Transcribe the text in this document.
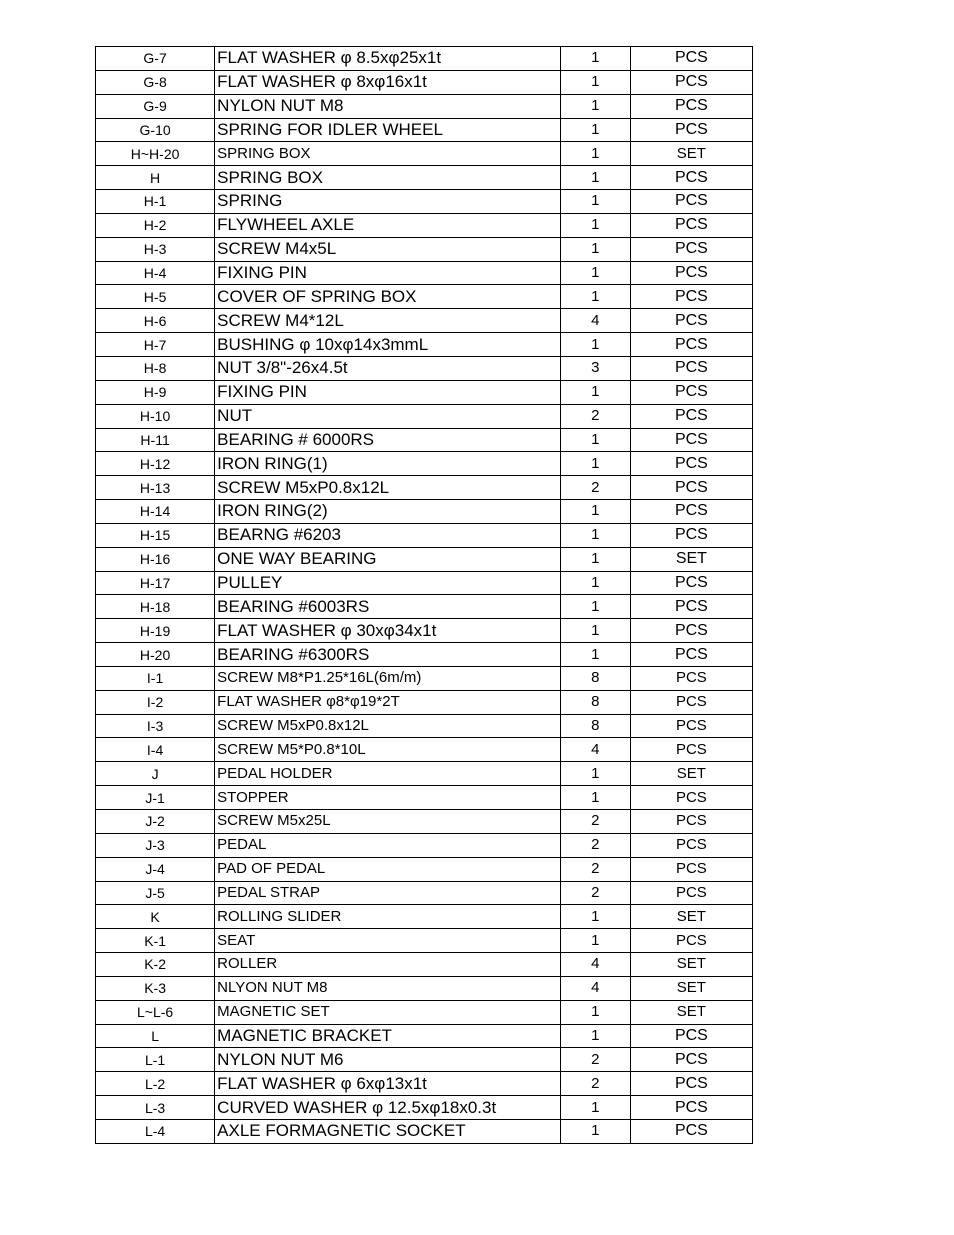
G-7	FLAT WASHER φ 8.5xφ25x1t	1	PCS
G-8	FLAT WASHER φ 8xφ16x1t	1	PCS
G-9	NYLON NUT M8	1	PCS
G-10	SPRING FOR IDLER WHEEL	1	PCS
H~H-20	SPRING BOX	1	SET
H	SPRING BOX	1	PCS
H-1	SPRING	1	PCS
H-2	FLYWHEEL AXLE	1	PCS
H-3	SCREW M4x5L	1	PCS
H-4	FIXING PIN	1	PCS
H-5	COVER OF SPRING BOX	1	PCS
H-6	SCREW M4*12L	4	PCS
H-7	BUSHING φ 10xφ14x3mmL	1	PCS
H-8	NUT 3/8"-26x4.5t	3	PCS
H-9	FIXING PIN	1	PCS
H-10	NUT	2	PCS
H-11	BEARING # 6000RS	1	PCS
H-12	IRON RING(1)	1	PCS
H-13	SCREW M5xP0.8x12L	2	PCS
H-14	IRON RING(2)	1	PCS
H-15	BEARNG #6203	1	PCS
H-16	ONE WAY BEARING	1	SET
H-17	PULLEY	1	PCS
H-18	BEARING #6003RS	1	PCS
H-19	FLAT WASHER φ 30xφ34x1t	1	PCS
H-20	BEARING #6300RS	1	PCS
I-1	SCREW M8*P1.25*16L(6m/m)	8	PCS
I-2	FLAT WASHER φ8*φ19*2T	8	PCS
I-3	SCREW M5xP0.8x12L	8	PCS
I-4	SCREW M5*P0.8*10L	4	PCS
J	PEDAL HOLDER	1	SET
J-1	STOPPER	1	PCS
J-2	SCREW M5x25L	2	PCS
J-3	PEDAL	2	PCS
J-4	PAD OF PEDAL	2	PCS
J-5	PEDAL STRAP	2	PCS
K	ROLLING SLIDER	1	SET
K-1	SEAT	1	PCS
K-2	ROLLER	4	SET
K-3	NLYON NUT M8	4	SET
L~L-6	MAGNETIC SET	1	SET
L	MAGNETIC BRACKET	1	PCS
L-1	NYLON NUT M6	2	PCS
L-2	FLAT WASHER φ 6xφ13x1t	2	PCS
L-3	CURVED WASHER φ 12.5xφ18x0.3t	1	PCS
L-4	AXLE FORMAGNETIC SOCKET	1	PCS
